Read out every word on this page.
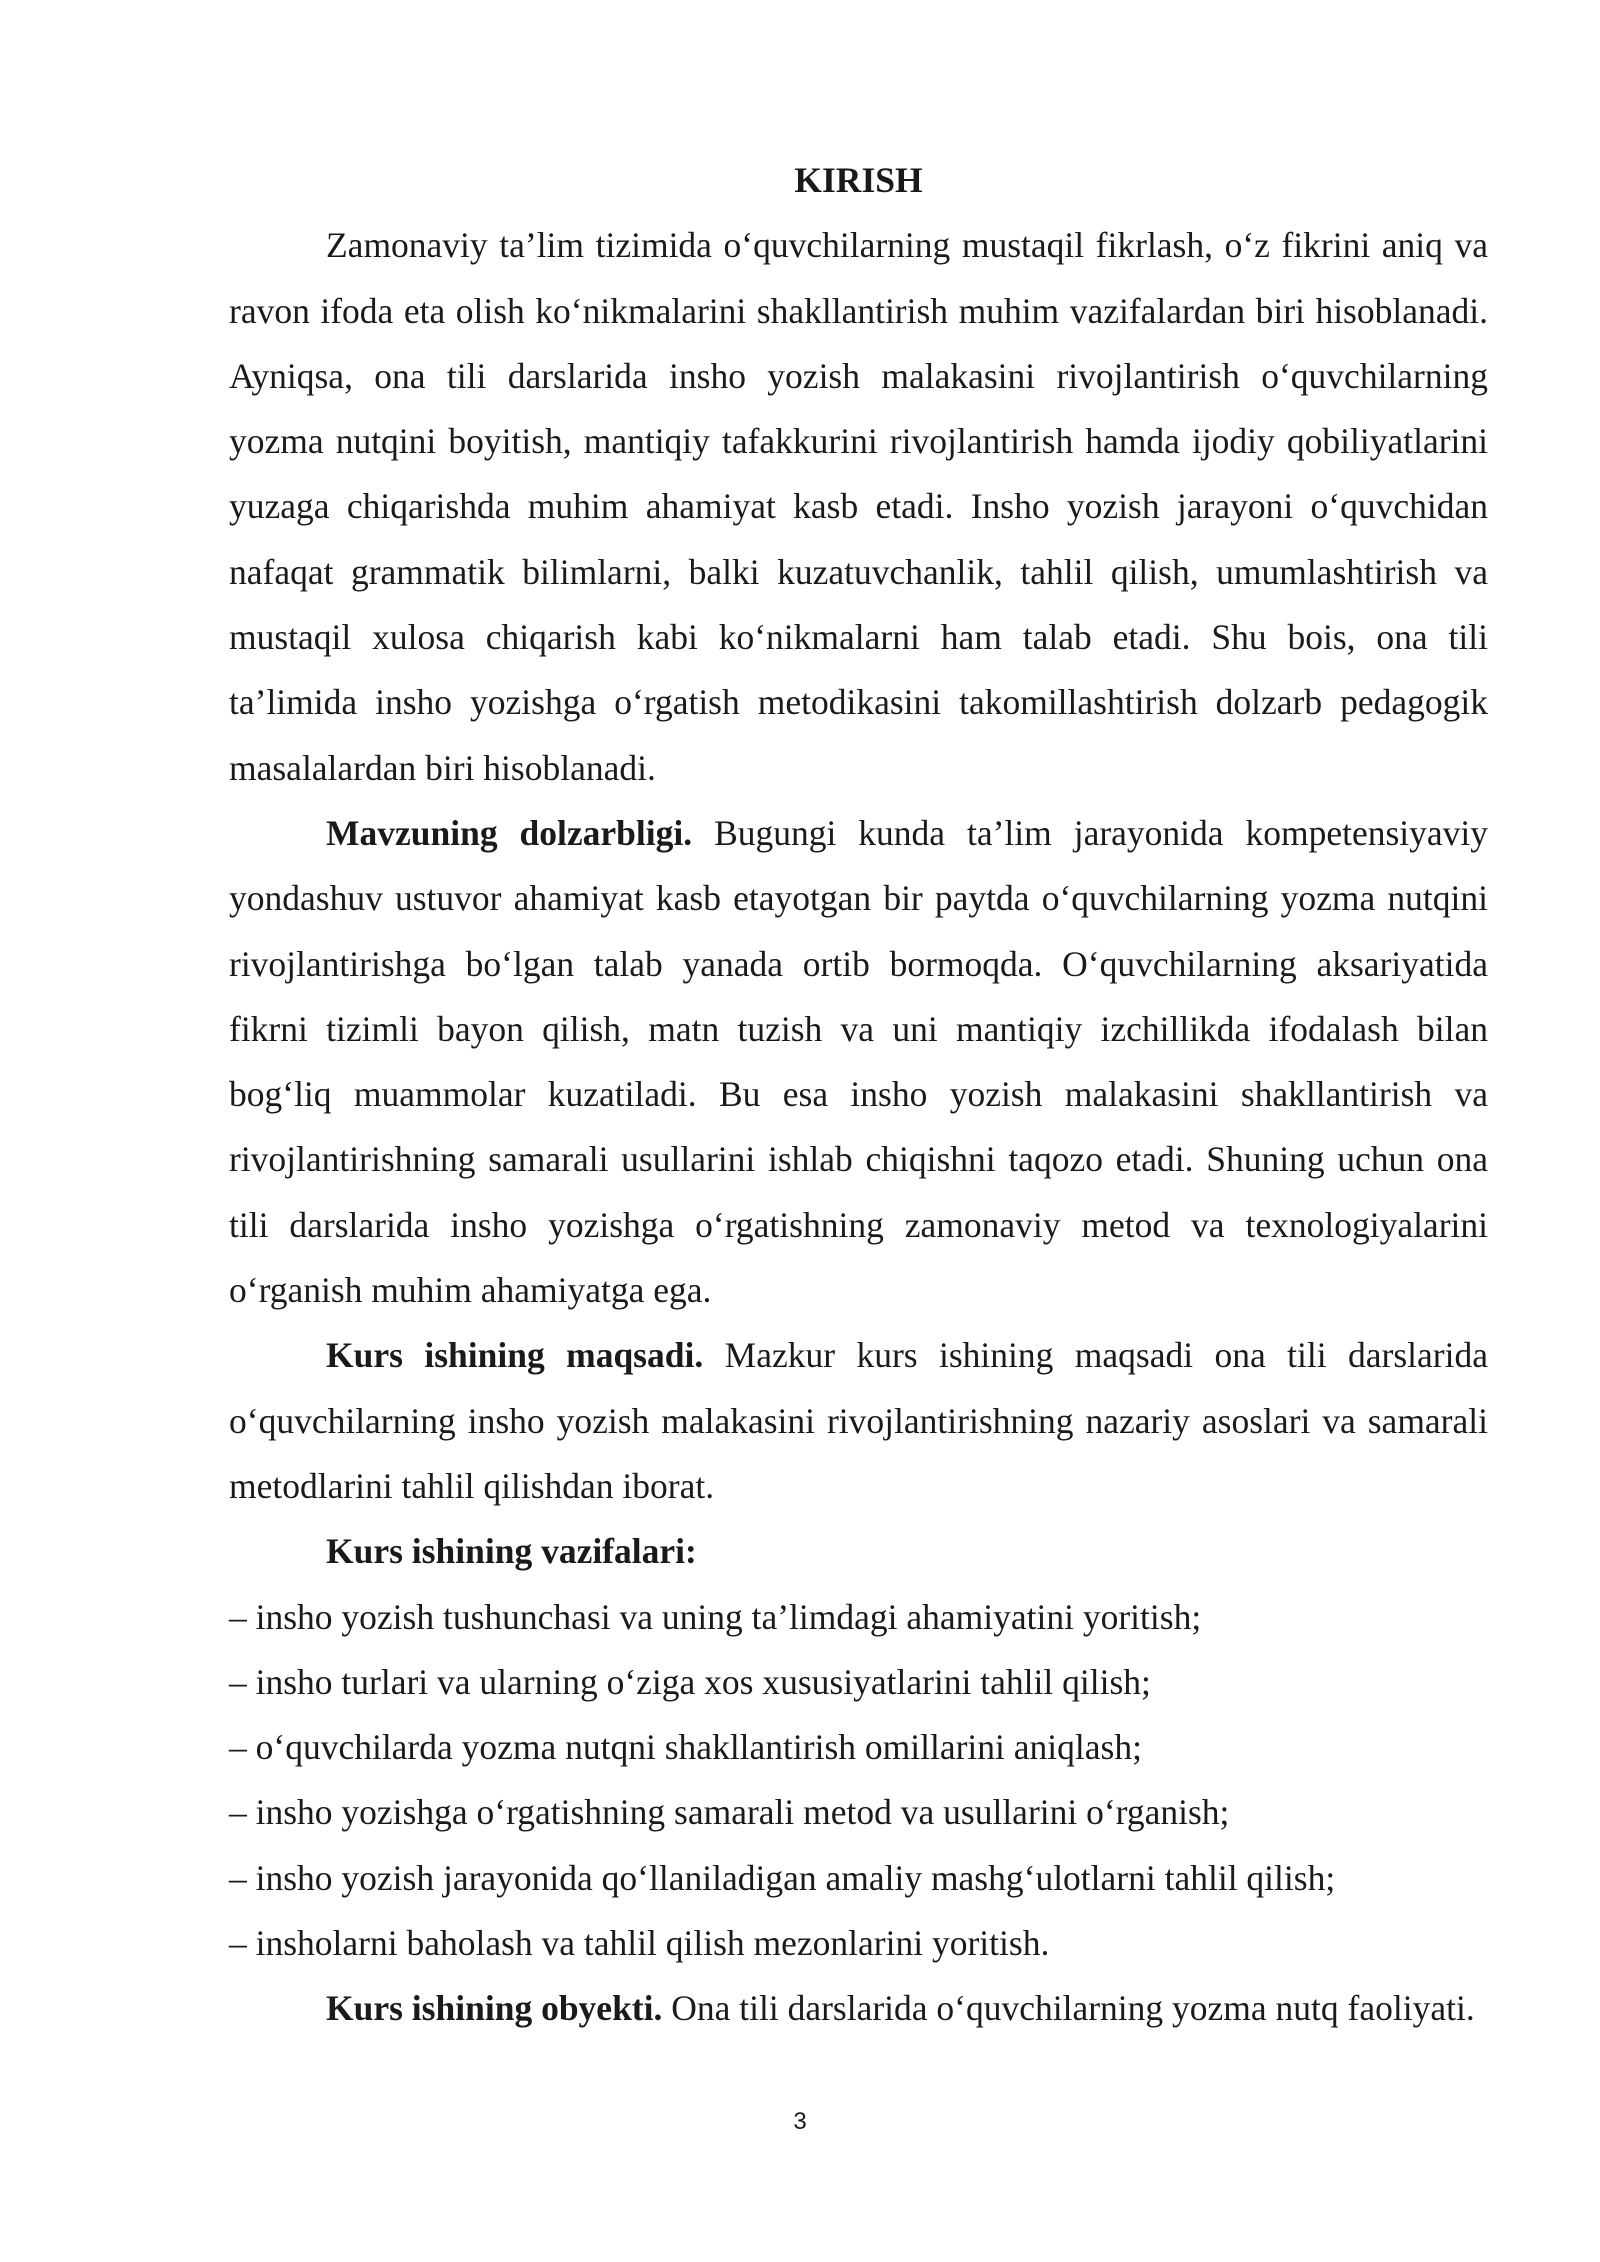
KIRISH

Zamonaviy ta’lim tizimida o‘quvchilarning mustaqil fikrlash, o‘z fikrini aniq va ravon ifoda eta olish ko‘nikmalarini shakllantirish muhim vazifalardan biri hisoblanadi. Ayniqsa, ona tili darslarida insho yozish malakasini rivojlantirish o‘quvchilarning yozma nutqini boyitish, mantiqiy tafakkurini rivojlantirish hamda ijodiy qobiliyatlarini yuzaga chiqarishda muhim ahamiyat kasb etadi. Insho yozish jarayoni o‘quvchidan nafaqat grammatik bilimlarni, balki kuzatuvchanlik, tahlil qilish, umumlashtirish va mustaqil xulosa chiqarish kabi ko‘nikmalarni ham talab etadi. Shu bois, ona tili ta’limida insho yozishga o‘rgatish metodikasini takomillashtirish dolzarb pedagogik masalalardan biri hisoblanadi.

Mavzuning dolzarbligi. Bugungi kunda ta’lim jarayonida kompetensiyaviy yondashuv ustuvor ahamiyat kasb etayotgan bir paytda o‘quvchilarning yozma nutqini rivojlantirishga bo‘lgan talab yanada ortib bormoqda. O‘quvchilarning aksariyatida fikrni tizimli bayon qilish, matn tuzish va uni mantiqiy izchillikda ifodalash bilan bog‘liq muammolar kuzatiladi. Bu esa insho yozish malakasini shakllantirish va rivojlantirishning samarali usullarini ishlab chiqishni taqozo etadi. Shuning uchun ona tili darslarida insho yozishga o‘rgatishning zamonaviy metod va texnologiyalarini o‘rganish muhim ahamiyatga ega.

Kurs ishining maqsadi. Mazkur kurs ishining maqsadi ona tili darslarida o‘quvchilarning insho yozish malakasini rivojlantirishning nazariy asoslari va samarali metodlarini tahlil qilishdan iborat.

Kurs ishining vazifalari:

– insho yozish tushunchasi va uning ta’limdagi ahamiyatini yoritish;
– insho turlari va ularning o‘ziga xos xususiyatlarini tahlil qilish;
– o‘quvchilarda yozma nutqni shakllantirish omillarini aniqlash;
– insho yozishga o‘rgatishning samarali metod va usullarini o‘rganish;
– insho yozish jarayonida qo‘llaniladigan amaliy mashg‘ulotlarni tahlil qilish;
– insholarni baholash va tahlil qilish mezonlarini yoritish.

Kurs ishining obyekti. Ona tili darslarida o‘quvchilarning yozma nutq faoliyati.

3
